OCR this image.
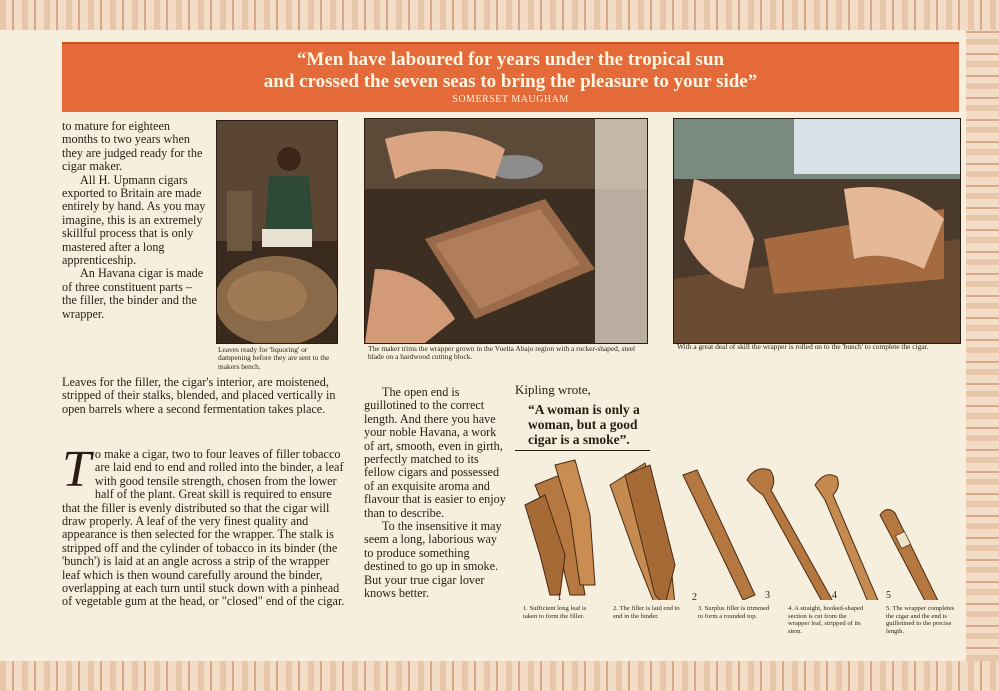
“Men have laboured for years under the tropical sun
and crossed the seven seas to bring the pleasure to your side”
SOMERSET MAUGHAM

to mature for eighteen months to two years when they are judged ready for the cigar maker.

All H. Upmann cigars exported to Britain are made entirely by hand. As you may imagine, this is an extremely skillful process that is only mastered after a long apprenticeship.

An Havana cigar is made of three constituent parts – the filler, the binder and the wrapper.

Leaves for the filler, the cigar's interior, are moistened, stripped of their stalks, blended, and placed vertically in open barrels where a second fermentation takes place.

Leaves ready for 'liquoring' or dampening before they are sent to the makers bench.
The maker trims the wrapper grown in the Vuelta Abajo region with a rocker-shaped, steel blade on a hardwood cutting block.
With a great deal of skill the wrapper is rolled on to the 'bunch' to complete the cigar.
T o make a cigar, two to four leaves of filler tobacco are laid end to end and rolled into the binder, a leaf with good tensile strength, chosen from the lower half of the plant. Great skill is required to ensure that the filler is evenly distributed so that the cigar will draw properly. A leaf of the very finest quality and appearance is then selected for the wrapper. The stalk is stripped off and the cylinder of tobacco in its binder (the 'bunch') is laid at an angle across a strip of the wrapper leaf which is then wound carefully around the binder, overlapping at each turn until stuck down with a pinhead of vegetable gum at the head, or "closed" end of the cigar.

The open end is guillotined to the correct length. And there you have your noble Havana, a work of art, smooth, even in girth, perfectly matched to its fellow cigars and possessed of an exquisite aroma and flavour that is easier to enjoy than to describe.

To the insensitive it may seem a long, laborious way to produce something destined to go up in smoke. But your true cigar lover knows better.

Kipling wrote,
“A woman is only a woman, but a good cigar is a smoke”.
1	2	3	4	5
1. Sufficient long leaf is taken to form the filler.
2. The filler is laid end to end in the binder.
3. Surplus filler is trimmed to form a rounded top.
4. A straight, hooked-shaped section is cut from the wrapper leaf, stripped of its stem.
5. The wrapper completes the cigar and the end is guillotined to the precise length.
